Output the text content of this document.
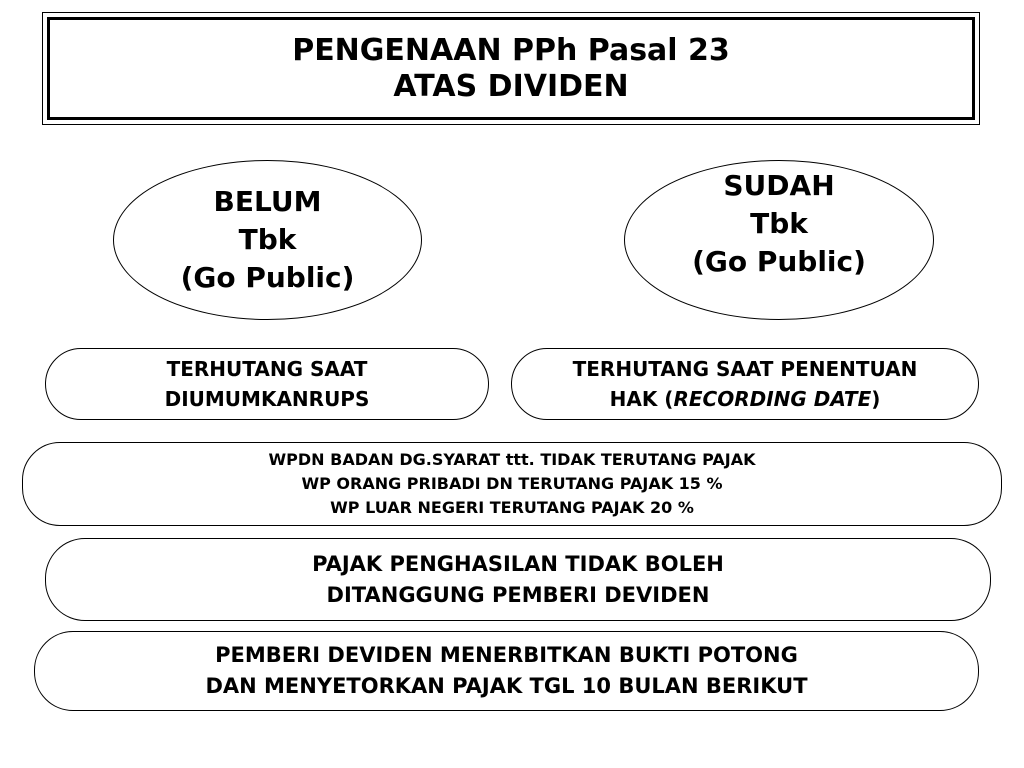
PENGENAAN PPh Pasal 23
ATAS DIVIDEN
BELUM
Tbk
(Go Public)
SUDAH
Tbk
(Go Public)
TERHUTANG SAAT
DIUMUMKANRUPS
TERHUTANG SAAT PENENTUAN
HAK (RECORDING DATE)
WPDN BADAN DG.SYARAT ttt. TIDAK TERUTANG PAJAK
WP ORANG PRIBADI DN TERUTANG PAJAK 15 %
WP LUAR NEGERI TERUTANG PAJAK 20 %
PAJAK PENGHASILAN TIDAK BOLEH
DITANGGUNG PEMBERI DEVIDEN
PEMBERI DEVIDEN MENERBITKAN BUKTI POTONG
DAN MENYETORKAN PAJAK TGL 10 BULAN BERIKUT
